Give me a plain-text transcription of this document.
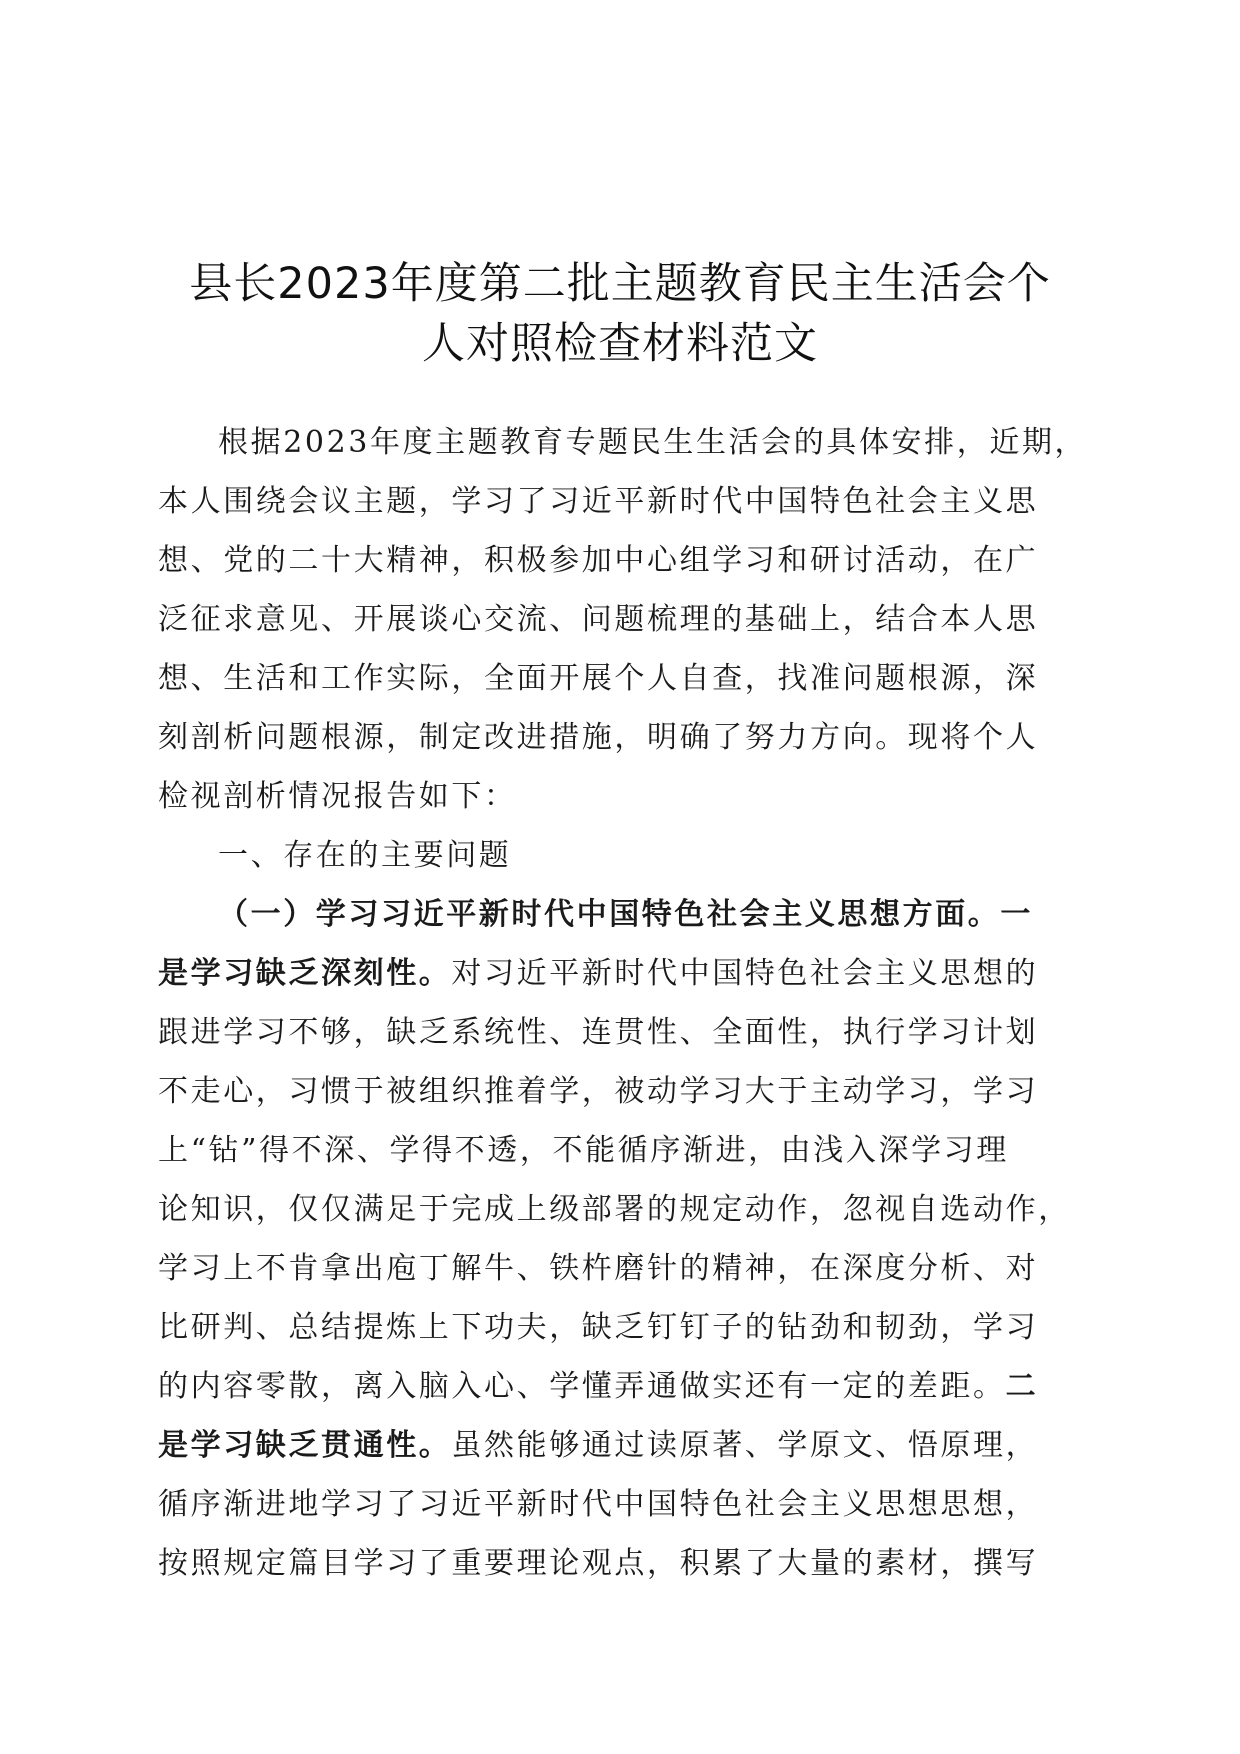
县长2023年度第二批主题教育民主生活会个
人对照检查材料范文

根据2023年度主题教育专题民生生活会的具体安排，近期，
本人围绕会议主题，学习了习近平新时代中国特色社会主义思
想、党的二十大精神，积极参加中心组学习和研讨活动，在广
泛征求意见、开展谈心交流、问题梳理的基础上，结合本人思
想、生活和工作实际，全面开展个人自查，找准问题根源，深
刻剖析问题根源，制定改进措施，明确了努力方向。现将个人
检视剖析情况报告如下：

一、存在的主要问题

（一）学习习近平新时代中国特色社会主义思想方面。一
是学习缺乏深刻性。对习近平新时代中国特色社会主义思想的
跟进学习不够，缺乏系统性、连贯性、全面性，执行学习计划
不走心，习惯于被组织推着学，被动学习大于主动学习，学习
上“钻”得不深、学得不透，不能循序渐进，由浅入深学习理
论知识，仅仅满足于完成上级部署的规定动作，忽视自选动作，
学习上不肯拿出庖丁解牛、铁杵磨针的精神，在深度分析、对
比研判、总结提炼上下功夫，缺乏钉钉子的钻劲和韧劲，学习
的内容零散，离入脑入心、学懂弄通做实还有一定的差距。二
是学习缺乏贯通性。虽然能够通过读原著、学原文、悟原理，
循序渐进地学习了习近平新时代中国特色社会主义思想思想，
按照规定篇目学习了重要理论观点，积累了大量的素材，撰写
